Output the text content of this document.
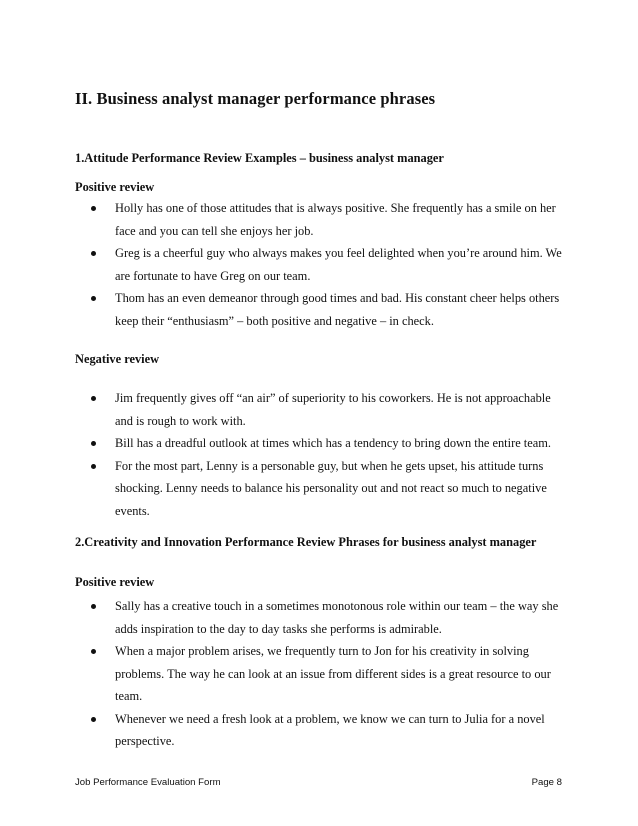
II. Business analyst manager performance phrases
1.Attitude Performance Review Examples – business analyst manager
Positive review
Holly has one of those attitudes that is always positive. She frequently has a smile on her face and you can tell she enjoys her job.
Greg is a cheerful guy who always makes you feel delighted when you’re around him. We are fortunate to have Greg on our team.
Thom has an even demeanor through good times and bad. His constant cheer helps others keep their “enthusiasm” – both positive and negative – in check.
Negative review
Jim frequently gives off “an air” of superiority to his coworkers. He is not approachable and is rough to work with.
Bill has a dreadful outlook at times which has a tendency to bring down the entire team.
For the most part, Lenny is a personable guy, but when he gets upset, his attitude turns shocking. Lenny needs to balance his personality out and not react so much to negative events.
2.Creativity and Innovation Performance Review Phrases for business analyst manager
Positive review
Sally has a creative touch in a sometimes monotonous role within our team – the way she adds inspiration to the day to day tasks she performs is admirable.
When a major problem arises, we frequently turn to Jon for his creativity in solving problems. The way he can look at an issue from different sides is a great resource to our team.
Whenever we need a fresh look at a problem, we know we can turn to Julia for a novel perspective.
Job Performance Evaluation Form	Page 8
